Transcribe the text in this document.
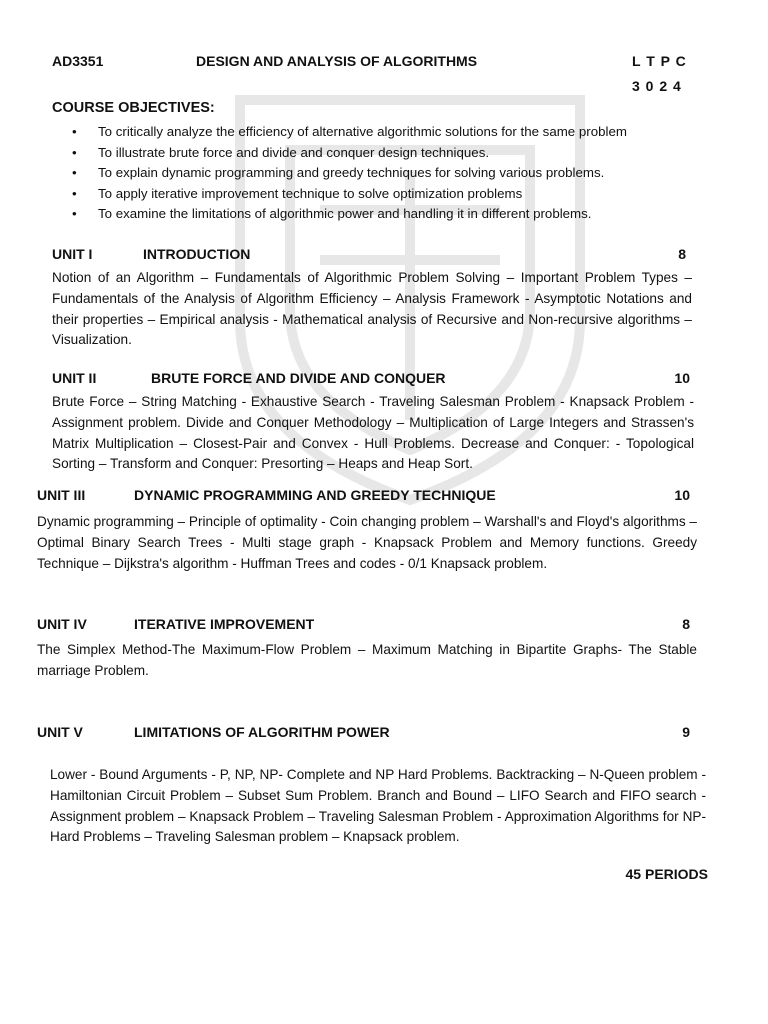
AD3351	DESIGN AND ANALYSIS OF ALGORITHMS	L T P C
3 0 2 4
COURSE OBJECTIVES:
• To critically analyze the efficiency of alternative algorithmic solutions for the same problem
• To illustrate brute force and divide and conquer design techniques.
• To explain dynamic programming and greedy techniques for solving various problems.
• To apply iterative improvement technique to solve optimization problems
• To examine the limitations of algorithmic power and handling it in different problems.
UNIT I	INTRODUCTION	8

Notion of an Algorithm – Fundamentals of Algorithmic Problem Solving – Important Problem Types –Fundamentals of the Analysis of Algorithm Efficiency – Analysis Framework - Asymptotic Notations and their properties – Empirical analysis - Mathematical analysis of Recursive and Non-recursive algorithms – Visualization.

UNIT II	BRUTE FORCE AND DIVIDE AND CONQUER	10

Brute Force – String Matching - Exhaustive Search - Traveling Salesman Problem - Knapsack Problem - Assignment problem. Divide and Conquer Methodology – Multiplication of Large Integers and Strassen's Matrix Multiplication – Closest-Pair and Convex - Hull Problems. Decrease and Conquer: - Topological Sorting – Transform and Conquer: Presorting – Heaps and Heap Sort.

UNIT III	DYNAMIC PROGRAMMING AND GREEDY TECHNIQUE	10

Dynamic programming – Principle of optimality - Coin changing problem – Warshall's and Floyd's algorithms – Optimal Binary Search Trees - Multi stage graph - Knapsack Problem and Memory functions. Greedy Technique – Dijkstra's algorithm - Huffman Trees and codes - 0/1 Knapsack problem.

UNIT IV	ITERATIVE IMPROVEMENT	8

The Simplex Method-The Maximum-Flow Problem – Maximum Matching in Bipartite Graphs- The Stable marriage Problem.

UNIT V	LIMITATIONS OF ALGORITHM POWER	9

Lower - Bound Arguments - P, NP, NP- Complete and NP Hard Problems. Backtracking – N-Queen problem - Hamiltonian Circuit Problem – Subset Sum Problem. Branch and Bound – LIFO Search and FIFO search - Assignment problem – Knapsack Problem – Traveling Salesman Problem - Approximation Algorithms for NP-Hard Problems – Traveling Salesman problem – Knapsack problem.

45 PERIODS
